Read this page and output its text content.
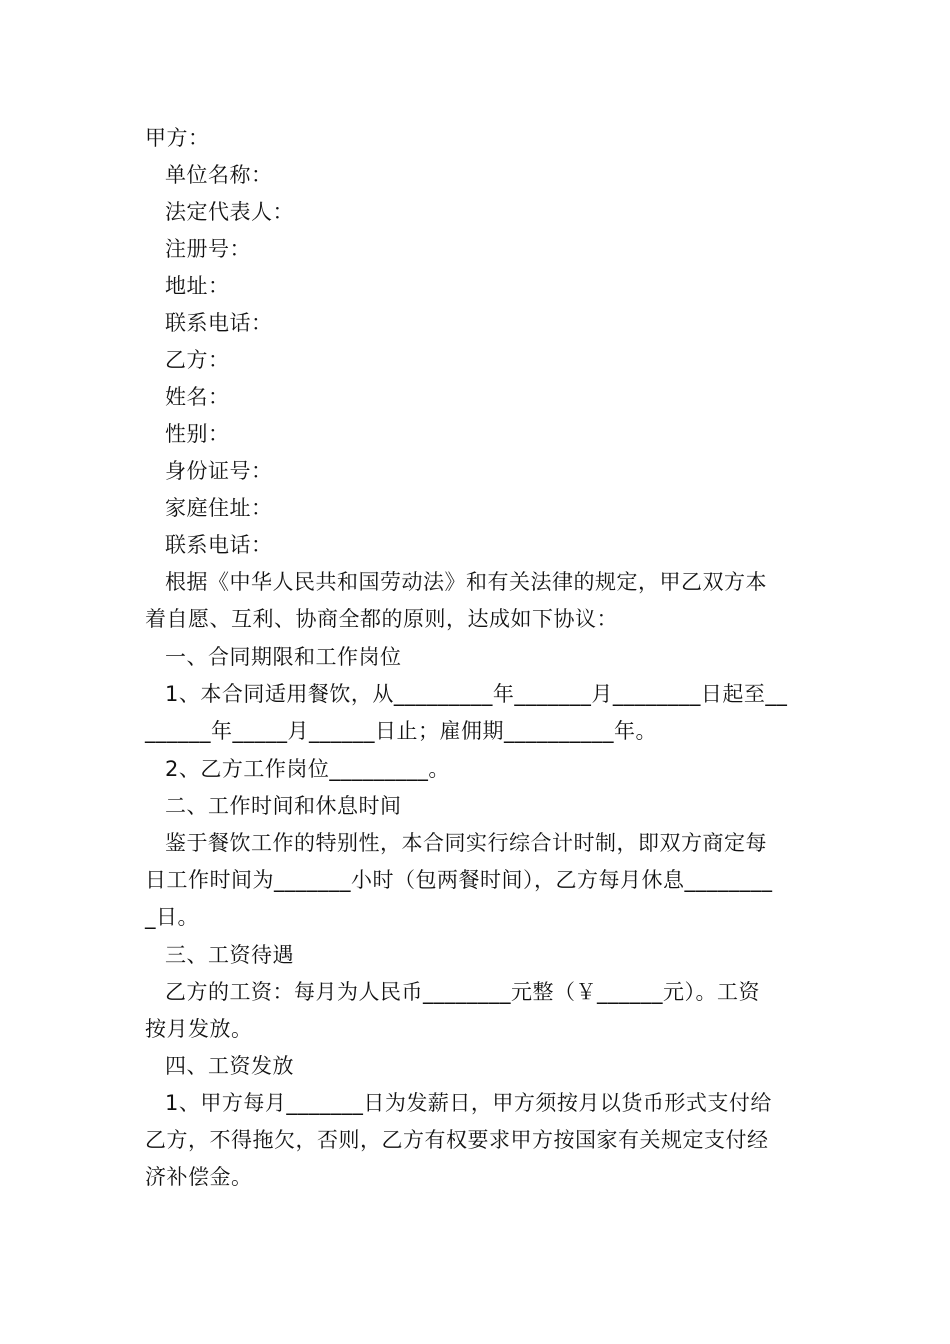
甲方：
单位名称：
法定代表人：
注册号：
地址：
联系电话：
乙方：
姓名：
性别：
身份证号：
家庭住址：
联系电话：
根据《中华人民共和国劳动法》和有关法律的规定，甲乙双方本
着自愿、互利、协商全都的原则，达成如下协议：
一、合同期限和工作岗位
1、本合同适用餐饮，从_________年_______月________日起至__
______年_____月______日止；雇佣期__________年。
2、乙方工作岗位_________。
二、工作时间和休息时间
鉴于餐饮工作的特别性，本合同实行综合计时制，即双方商定每
日工作时间为_______小时（包两餐时间），乙方每月休息________
_日。
三、工资待遇
乙方的工资：每月为人民币________元整（￥______元）。工资
按月发放。
四、工资发放
1、甲方每月_______日为发薪日，甲方须按月以货币形式支付给
乙方，不得拖欠，否则，乙方有权要求甲方按国家有关规定支付经
济补偿金。
